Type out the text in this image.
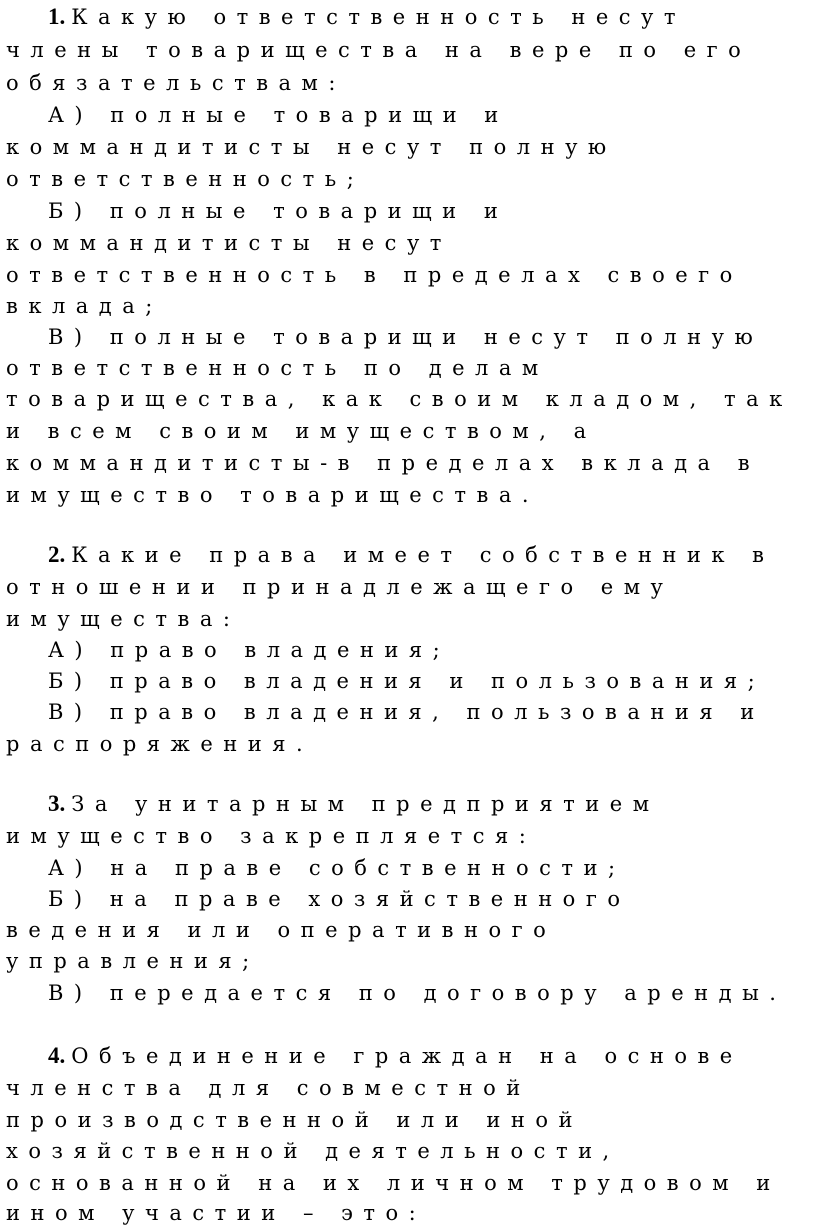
1. Какую ответственность несут
члены товарищества на вере по его
обязательствам:
А) полные товарищи и
коммандитисты несут полную
ответственность;
Б) полные товарищи и
коммандитисты несут
ответственность в пределах своего
вклада;
В) полные товарищи несут полную
ответственность по делам
товарищества, как своим кладом, так
и всем своим имуществом, а
коммандитисты‑в пределах вклада в
имущество товарищества.
2. Какие права имеет собственник в
отношении принадлежащего ему
имущества:
А) право владения;
Б) право владения и пользования;
В) право владения, пользования и
распоряжения.
3. За унитарным предприятием
имущество закрепляется:
А) на праве собственности;
Б) на праве хозяйственного
ведения или оперативного
управления;
В) передается по договору аренды.
4. Объединение граждан на основе
членства для совместной
производственной или иной
хозяйственной деятельности,
основанной на их личном трудовом и
ином участии – это:
